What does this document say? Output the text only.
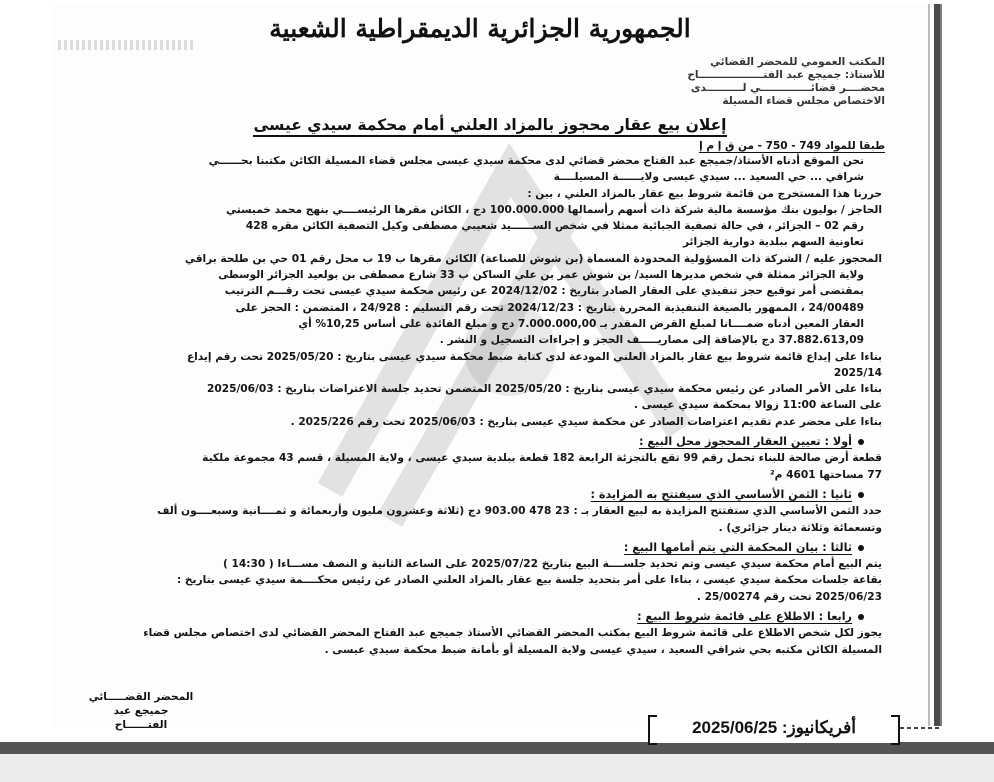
الجمهورية الجزائرية الديمقراطية الشعبية
المكتب العمومي للمحضر القضائي
للأستاذ: جميجع عبد الفتــــــــــــــــــاح
محضــــر قضائــــــــــــــي لــــــــــدى
الاختصاص مجلس قضاء المسيلة
إعلان بيع عقار محجوز بالمزاد العلني أمام محكمة سيدي عيسى
طبقا للمواد 749 - 750 - من ق إ م إ

نحن الموقع أدناه الأستاذ/جميجع عبد الفتاح محضر قضائي لدى محكمة سيدي عيسى مجلس قضاء المسيلة الكائن مكتبنا بحــــــي

شرافي ... حي السعيد ... سيدي عيسى ولايــــــة المسيلــــة

حررنا هذا المستخرج من قائمة شروط بيع عقار بالمزاد العلني ، بين :

الحاجز / بوليون بنك مؤسسة مالية شركة ذات أسهم رأسمالها 100.000.000 دج ، الكائن مقرها الرئيســــي بنهج محمد خميستي

رقم 02 – الجزائر ، في حالة تصفية الجبائية ممثلا في شخص الســــــيد شعيبي مصطفى وكيل التصفية الكائن مقره 428

تعاونية السهم ببلدية دوارية الجزائر

المحجوز عليه / الشركة ذات المسؤولية المحدودة المسماة (بن شوش للصناعة) الكائن مقرها ب 19 ب محل رقم 01 حي بن طلحة براقي

ولاية الجزائر ممثلة في شخص مديرها السيد/ بن شوش عمر بن علي الساكن ب 33 شارع مصطفى بن بولعيد الجزائر الوسطى

بمقتضى أمر توقيع حجز تنفيذي على العقار الصادر بتاريخ : 2024/12/02 عن رئيس محكمة سيدي عيسى تحت رقـــم الترتيب

24/00489 ، الممهور بالصيغة التنفيذية المحررة بتاريخ : 2024/12/23 تحت رقم التسليم : 24/928 ، المتضمن : الحجز على

العقار المعين أدناه ضمــــانا لمبلغ القرض المقدر بـ 7.000.000,00 دج و مبلغ الفائدة على أساس 10,25% أي

37.882.613,09 دج بالإضافة إلى مصاريـــــف الحجز و إجراءات التسجيل و النشر .

بناءا على إيداع قائمة شروط بيع عقار بالمزاد العلني المودعة لدى كتابة ضبط محكمة سيدي عيسى بتاريخ : 2025/05/20 تحت رقم إيداع

2025/14

بناءا على الأمر الصادر عن رئيس محكمة سيدي عيسى بتاريخ : 2025/05/20 المتضمن تحديد جلسة الاعتراضات بتاريخ : 2025/06/03

على الساعة 11:00 زوالا بمحكمة سيدي عيسى .

بناءا على محضر عدم تقديم اعتراضات الصادر عن محكمة سيدي عيسى بتاريخ : 2025/06/03 تحت رقم 2025/226 .

أولا : تعيين العقار المحجوز محل البيع :

قطعة أرض صالحة للبناء تحمل رقم 99 تقع بالتجزئة الرابعة 182 قطعة ببلدية سيدي عيسى ، ولاية المسيلة ، قسم 43 مجموعة ملكية

77 مساحتها 4601 م²

ثانيا : الثمن الأساسي الذي سيفتتح به المزايدة :

حدد الثمن الأساسي الذي ستفتتح المزايدة به لبيع العقار بـ : 23 478 903.00 دج (ثلاثة وعشرون مليون وأربعمائة و ثمــــانية وسبعــــون ألف

وتسعمائة وثلاثة دينار جزائري) .

ثالثا : بيان المحكمة التي يتم أمامها البيع :

يتم البيع أمام محكمة سيدي عيسى وتم تحديد جلســــة البيع بتاريخ 2025/07/22 على الساعة الثانية و النصف مســـاءا ( 14:30 )

بقاعة جلسات محكمة سيدي عيسى ، بناءا على أمر بتحديد جلسة بيع عقار بالمزاد العلني الصادر عن رئيس محكــــمة سيدي عيسى بتاريخ :

2025/06/23 تحت رقم 25/00274 .

رابعا : الاطلاع على قائمة شروط البيع :

يجوز لكل شخص الاطلاع على قائمة شروط البيع بمكتب المحضر القضائي الأستاذ جميجع عبد الفتاح المحضر القضائي لدى اختصاص مجلس قضاء

المسيلة الكائن مكتبه بحي شرافي السعيد ، سيدي عيسى ولاية المسيلة أو بأمانة ضبط محكمة سيدي عيسى .

المحضر القضـــــائي
جميجع عبد الفتــــــاح	أفريكانيوز: 2025/06/25
